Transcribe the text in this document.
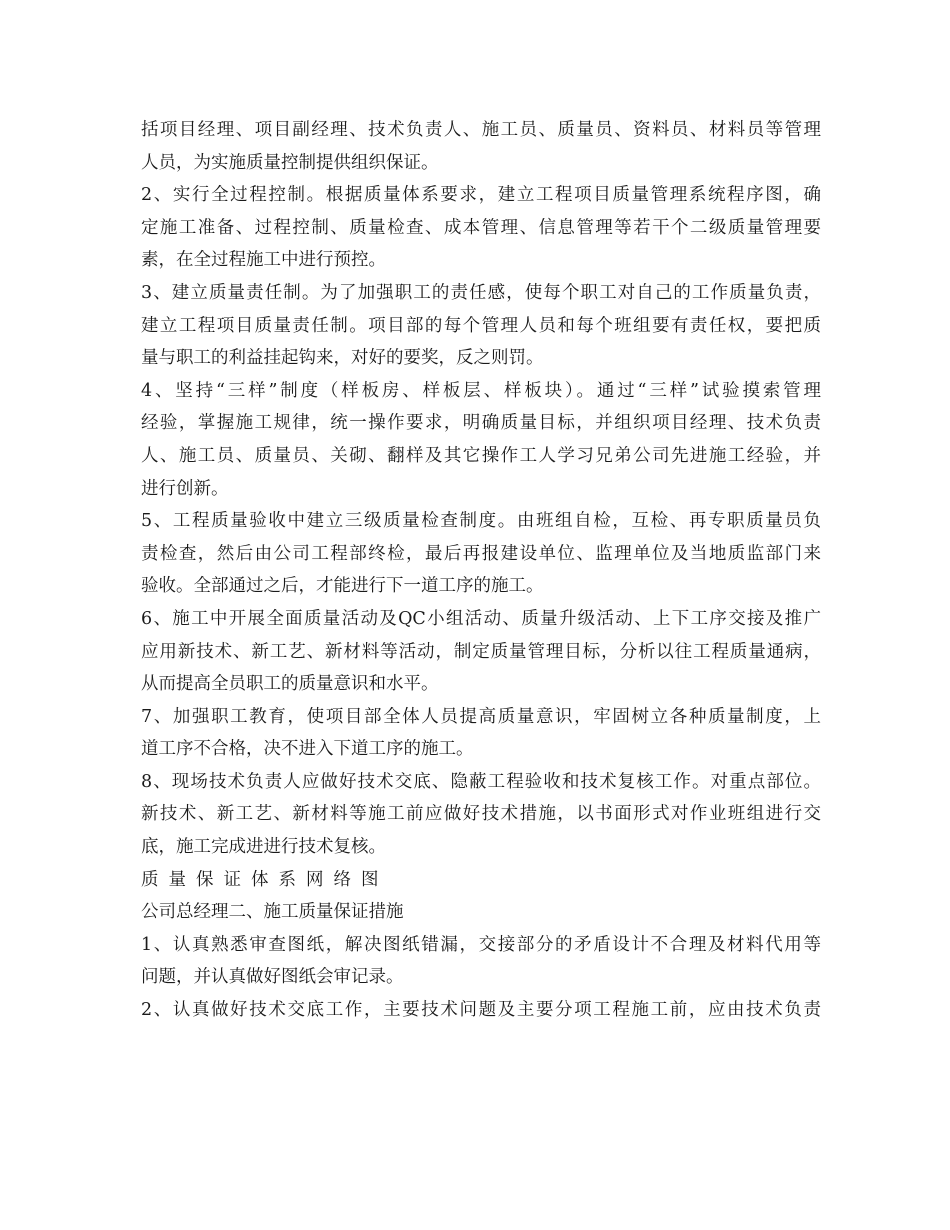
括项目经理、项目副经理、技术负责人、施工员、质量员、资料员、材料员等管理
人员，为实施质量控制提供组织保证。
2、实行全过程控制。根据质量体系要求，建立工程项目质量管理系统程序图，确
定施工准备、过程控制、质量检查、成本管理、信息管理等若干个二级质量管理要
素，在全过程施工中进行预控。
3、建立质量责任制。为了加强职工的责任感，使每个职工对自己的工作质量负责，
建立工程项目质量责任制。项目部的每个管理人员和每个班组要有责任权，要把质
量与职工的利益挂起钩来，对好的要奖，反之则罚。
4、坚持“三样”制度（样板房、样板层、样板块）。通过“三样”试验摸索管理
经验，掌握施工规律，统一操作要求，明确质量目标，并组织项目经理、技术负责
人、施工员、质量员、关砌、翻样及其它操作工人学习兄弟公司先进施工经验，并
进行创新。
5、工程质量验收中建立三级质量检查制度。由班组自检，互检、再专职质量员负
责检查，然后由公司工程部终检，最后再报建设单位、监理单位及当地质监部门来
验收。全部通过之后，才能进行下一道工序的施工。
6、施工中开展全面质量活动及QC小组活动、质量升级活动、上下工序交接及推广
应用新技术、新工艺、新材料等活动，制定质量管理目标，分析以往工程质量通病，
从而提高全员职工的质量意识和水平。
7、加强职工教育，使项目部全体人员提高质量意识，牢固树立各种质量制度，上
道工序不合格，决不进入下道工序的施工。
8、现场技术负责人应做好技术交底、隐蔽工程验收和技术复核工作。对重点部位。
新技术、新工艺、新材料等施工前应做好技术措施，以书面形式对作业班组进行交
底，施工完成进进行技术复核。
质量保证体系网络图
公司总经理二、施工质量保证措施
1、认真熟悉审查图纸，解决图纸错漏，交接部分的矛盾设计不合理及材料代用等
问题，并认真做好图纸会审记录。
2、认真做好技术交底工作，主要技术问题及主要分项工程施工前，应由技术负责
